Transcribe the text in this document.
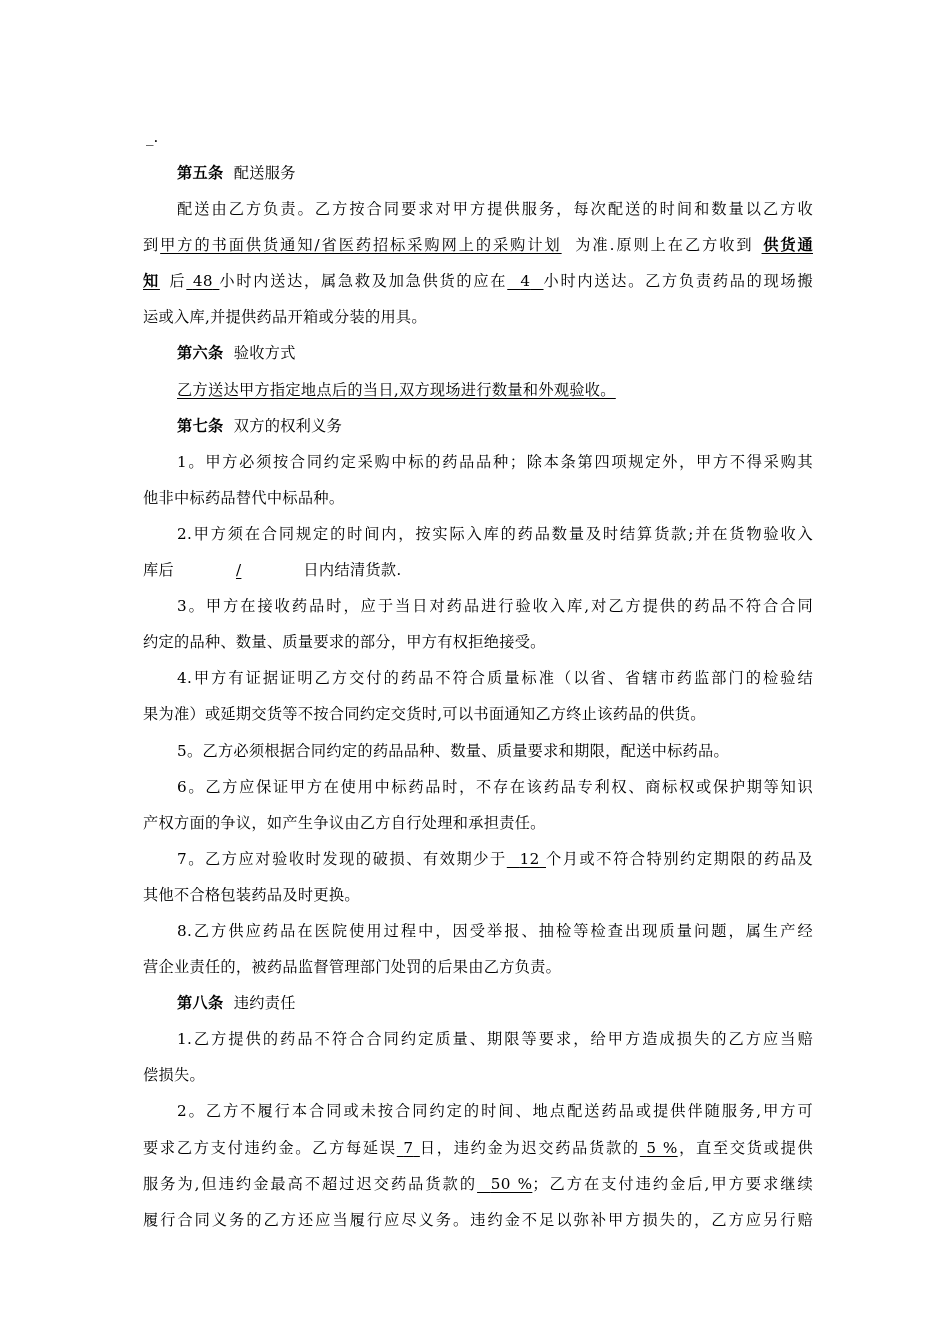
_.
第五条 配送服务
配送由乙方负责。乙方按合同要求对甲方提供服务，每次配送的时间和数量以乙方收
到甲方的书面供货通知/省医药招标采购网上的采购计划 为准.原则上在乙方收到 供货通
知 后 48 小时内送达，属急救及加急供货的应在 4 小时内送达。乙方负责药品的现场搬
运或入库,并提供药品开箱或分装的用具。
第六条 验收方式
乙方送达甲方指定地点后的当日,双方现场进行数量和外观验收。
第七条 双方的权利义务
1。甲方必须按合同约定采购中标的药品品种；除本条第四项规定外，甲方不得采购其
他非中标药品替代中标品种。
2.甲方须在合同规定的时间内，按实际入库的药品数量及时结算货款;并在货物验收入
库后	/	日内结清货款.
3。甲方在接收药品时，应于当日对药品进行验收入库,对乙方提供的药品不符合合同
约定的品种、数量、质量要求的部分，甲方有权拒绝接受。
4.甲方有证据证明乙方交付的药品不符合质量标准（以省、省辖市药监部门的检验结
果为准）或延期交货等不按合同约定交货时,可以书面通知乙方终止该药品的供货。
5。乙方必须根据合同约定的药品品种、数量、质量要求和期限，配送中标药品。
6。乙方应保证甲方在使用中标药品时，不存在该药品专利权、商标权或保护期等知识
产权方面的争议，如产生争议由乙方自行处理和承担责任。
7。乙方应对验收时发现的破损、有效期少于 12 个月或不符合特别约定期限的药品及
其他不合格包装药品及时更换。
8.乙方供应药品在医院使用过程中，因受举报、抽检等检查出现质量问题，属生产经
营企业责任的，被药品监督管理部门处罚的后果由乙方负责。
第八条 违约责任
1.乙方提供的药品不符合合同约定质量、期限等要求，给甲方造成损失的乙方应当赔
偿损失。
2。乙方不履行本合同或未按合同约定的时间、地点配送药品或提供伴随服务,甲方可
要求乙方支付违约金。乙方每延误 7 日，违约金为迟交药品货款的 5 %，直至交货或提供
服务为,但违约金最高不超过迟交药品货款的 50 %；乙方在支付违约金后,甲方要求继续
履行合同义务的乙方还应当履行应尽义务。违约金不足以弥补甲方损失的，乙方应另行赔
